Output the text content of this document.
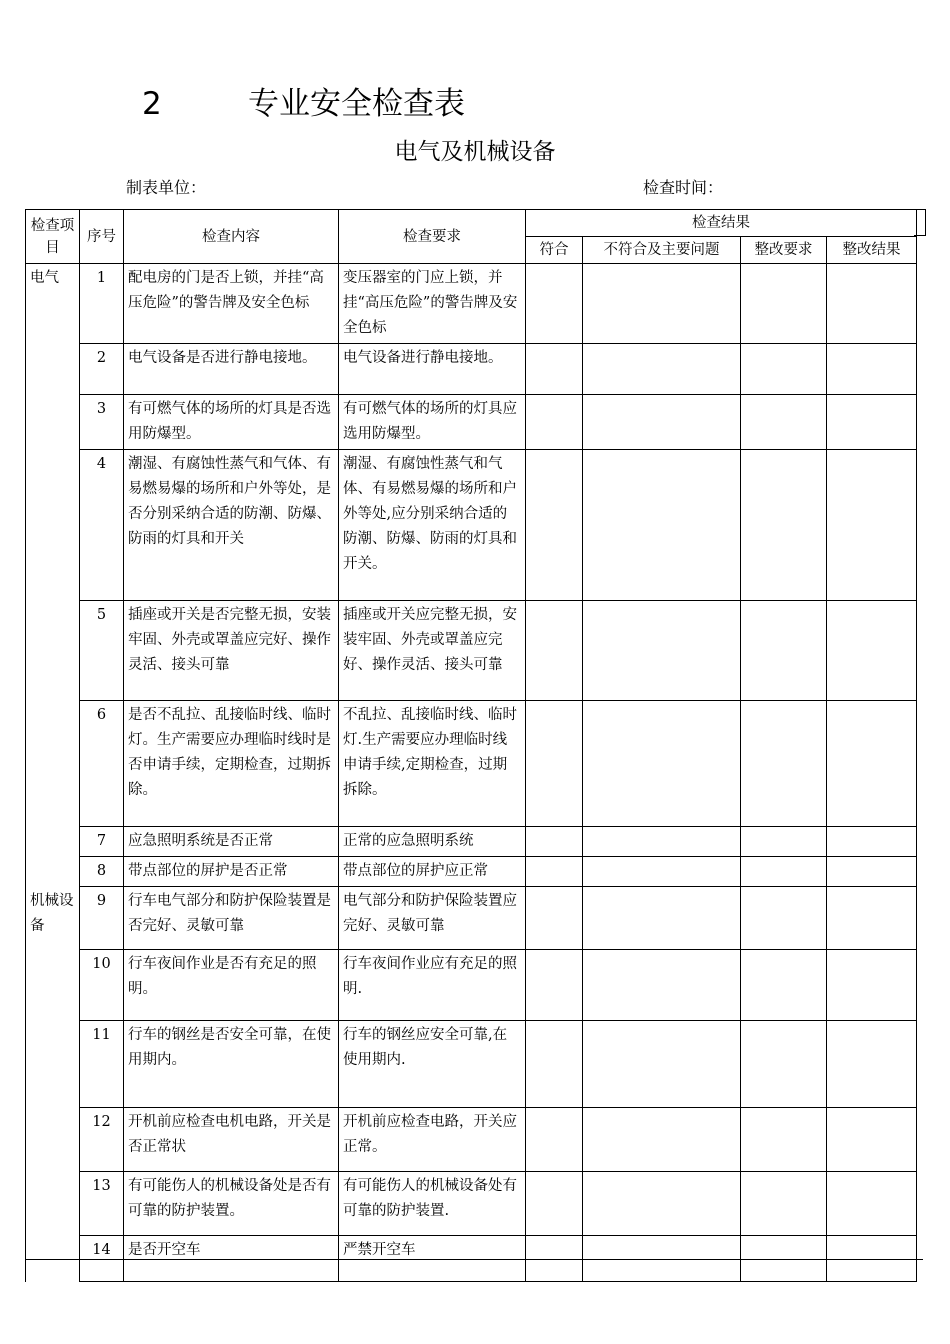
2	专业安全检查表
电气及机械设备
制表单位：	检查时间：
检查项目	序号	检查内容	检查要求	检查结果			
				符合	不符合及主要问题	整改要求	整改结果
电气	1	配电房的门是否上锁，并挂“高压危险”的警告牌及安全色标	变压器室的门应上锁，并挂“高压危险”的警告牌及安全色标				
	2	电气设备是否进行静电接地。	电气设备进行静电接地。				
	3	有可燃气体的场所的灯具是否选用防爆型。	有可燃气体的场所的灯具应选用防爆型。				
	4	潮湿、有腐蚀性蒸气和气体、有易燃易爆的场所和户外等处，是否分别采纳合适的防潮、防爆、防雨的灯具和开关	潮湿、有腐蚀性蒸气和气体、有易燃易爆的场所和户外等处,应分别采纳合适的防潮、防爆、防雨的灯具和开关。				
	5	插座或开关是否完整无损，安装牢固、外壳或罩盖应完好、操作灵活、接头可靠	插座或开关应完整无损，安装牢固、外壳或罩盖应完好、操作灵活、接头可靠				
	6	是否不乱拉、乱接临时线、临时灯。生产需要应办理临时线时是否申请手续，定期检查，过期拆除。	不乱拉、乱接临时线、临时灯.生产需要应办理临时线申请手续,定期检查，过期拆除。				
	7	应急照明系统是否正常	正常的应急照明系统				
	8	带点部位的屏护是否正常	带点部位的屏护应正常				
机械设备	9	行车电气部分和防护保险装置是否完好、灵敏可靠	电气部分和防护保险装置应完好、灵敏可靠				
	10	行车夜间作业是否有充足的照明。	行车夜间作业应有充足的照明.				
	11	行车的钢丝是否安全可靠，在使用期内。	行车的钢丝应安全可靠,在使用期内.				
	12	开机前应检查电机电路，开关是否正常状	开机前应检查电路，开关应正常。				
	13	有可能伤人的机械设备处是否有可靠的防护装置。	有可能伤人的机械设备处有可靠的防护装置.				
	14	是否开空车	严禁开空车				
